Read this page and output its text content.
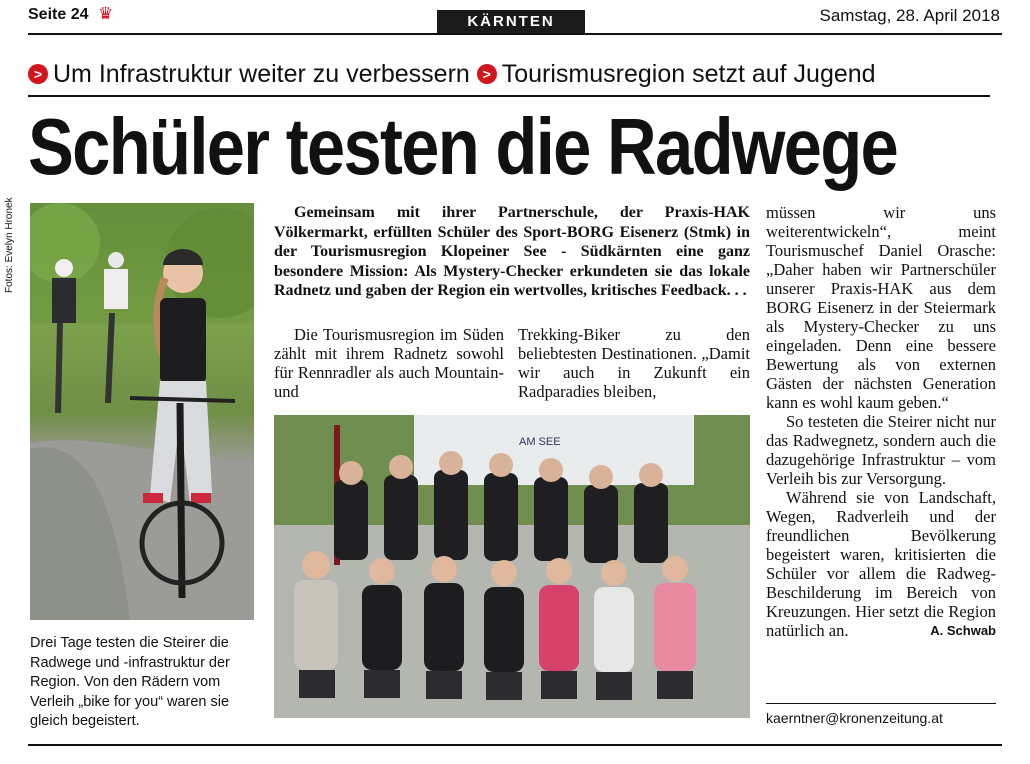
Seite 24 ♛	KÄRNTEN	Samstag, 28. April 2018
> Um Infrastruktur weiter zu verbessern > Tourismusregion setzt auf Jugend
Schüler testen die Radwege
Fotos: Evelyn Hronek
Drei Tage testen die Steirer die Radwege und -infrastruktur der Region. Von den Rädern vom Verleih „bike for you“ waren sie gleich begeistert.
Gemeinsam mit ihrer Partnerschule, der Praxis-HAK Völkermarkt, erfüllten Schüler des Sport-BORG Eisenerz (Stmk) in der Tourismusregion Klopeiner See - Südkärnten eine ganz besondere Mission: Als Mystery-Checker erkundeten sie das lokale Radnetz und gaben der Region ein wertvolles, kritisches Feedback. . .
Die Tourismusregion im Süden zählt mit ihrem Radnetz sowohl für Rennradler als auch Mountain- und
Trekking-Biker zu den beliebtesten Destinationen. „Damit wir auch in Zukunft ein Radparadies bleiben,

müssen wir uns weiterentwickeln“, meint Tourismuschef Daniel Orasche: „Daher haben wir Partnerschüler unserer Praxis-HAK aus dem BORG Eisenerz in der Steiermark als Mystery-Checker zu uns eingeladen. Denn eine bessere Bewertung als von externen Gästen der nächsten Generation kann es wohl kaum geben.“

So testeten die Steirer nicht nur das Radwegnetz, sondern auch die dazugehörige Infrastruktur – vom Verleih bis zur Versorgung.

Während sie von Landschaft, Wegen, Radverleih und der freundlichen Bevölkerung begeistert waren, kritisierten die Schüler vor allem die Radweg-Beschilderung im Bereich von Kreuzungen. Hier setzt die Region natürlich an.	A. Schwab

AM SEE
kaerntner@kronenzeitung.at
